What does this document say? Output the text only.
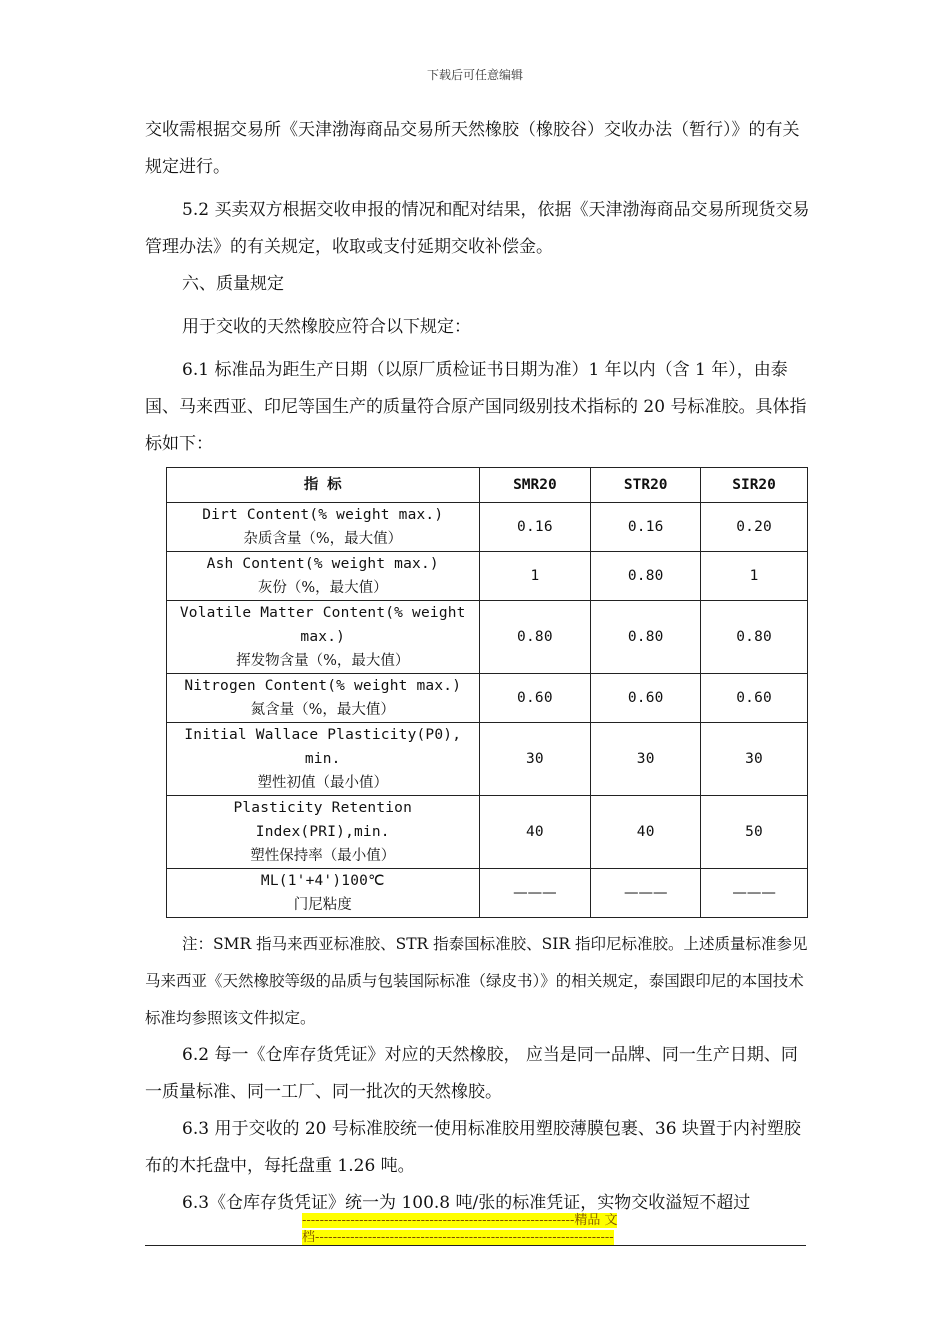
下载后可任意编辑

交收需根据交易所《天津渤海商品交易所天然橡胶（橡胶谷）交收办法（暂行）》的有关规定进行。

5.2 买卖双方根据交收申报的情况和配对结果，依据《天津渤海商品交易所现货交易管理办法》的有关规定，收取或支付延期交收补偿金。

六、质量规定

用于交收的天然橡胶应符合以下规定：

6.1 标准品为距生产日期（以原厂质检证书日期为准）1 年以内（含 1 年），由泰国、马来西亚、印尼等国生产的质量符合原产国同级别技术指标的 20 号标准胶。具体指标如下：

指 标	SMR20	STR20	SIR20

Dirt Content(% weight max.)
杂质含量（%，最大值）	0.16	0.16	0.20

Ash Content(% weight max.)
灰份（%，最大值）	1	0.80	1

Volatile Matter Content(% weight max.)
挥发物含量（%，最大值）	0.80	0.80	0.80

Nitrogen Content(% weight max.)
氮含量（%，最大值）	0.60	0.60	0.60

Initial Wallace Plasticity(P0), min.
塑性初值（最小值）	30	30	30

Plasticity Retention Index(PRI),min.
塑性保持率（最小值）	40	40	50

ML(1'+4')100℃
门尼粘度	———	———	———

注：SMR 指马来西亚标准胶、STR 指泰国标准胶、SIR 指印尼标准胶。上述质量标准参见马来西亚《天然橡胶等级的品质与包装国际标准（绿皮书）》的相关规定，泰国跟印尼的本国技术标准均参照该文件拟定。

6.2 每一《仓库存货凭证》对应的天然橡胶， 应当是同一品牌、同一生产日期、同一质量标准、同一工厂、同一批次的天然橡胶。

6.3 用于交收的 20 号标准胶统一使用标准胶用塑胶薄膜包裹、36 块置于内衬塑胶布的木托盘中，每托盘重 1.26 吨。

6.3《仓库存货凭证》统一为 100.8 吨/张的标准凭证，实物交收溢短不超过

--------------------------------------------------------------精品 文
档--------------------------------------------------------------------
